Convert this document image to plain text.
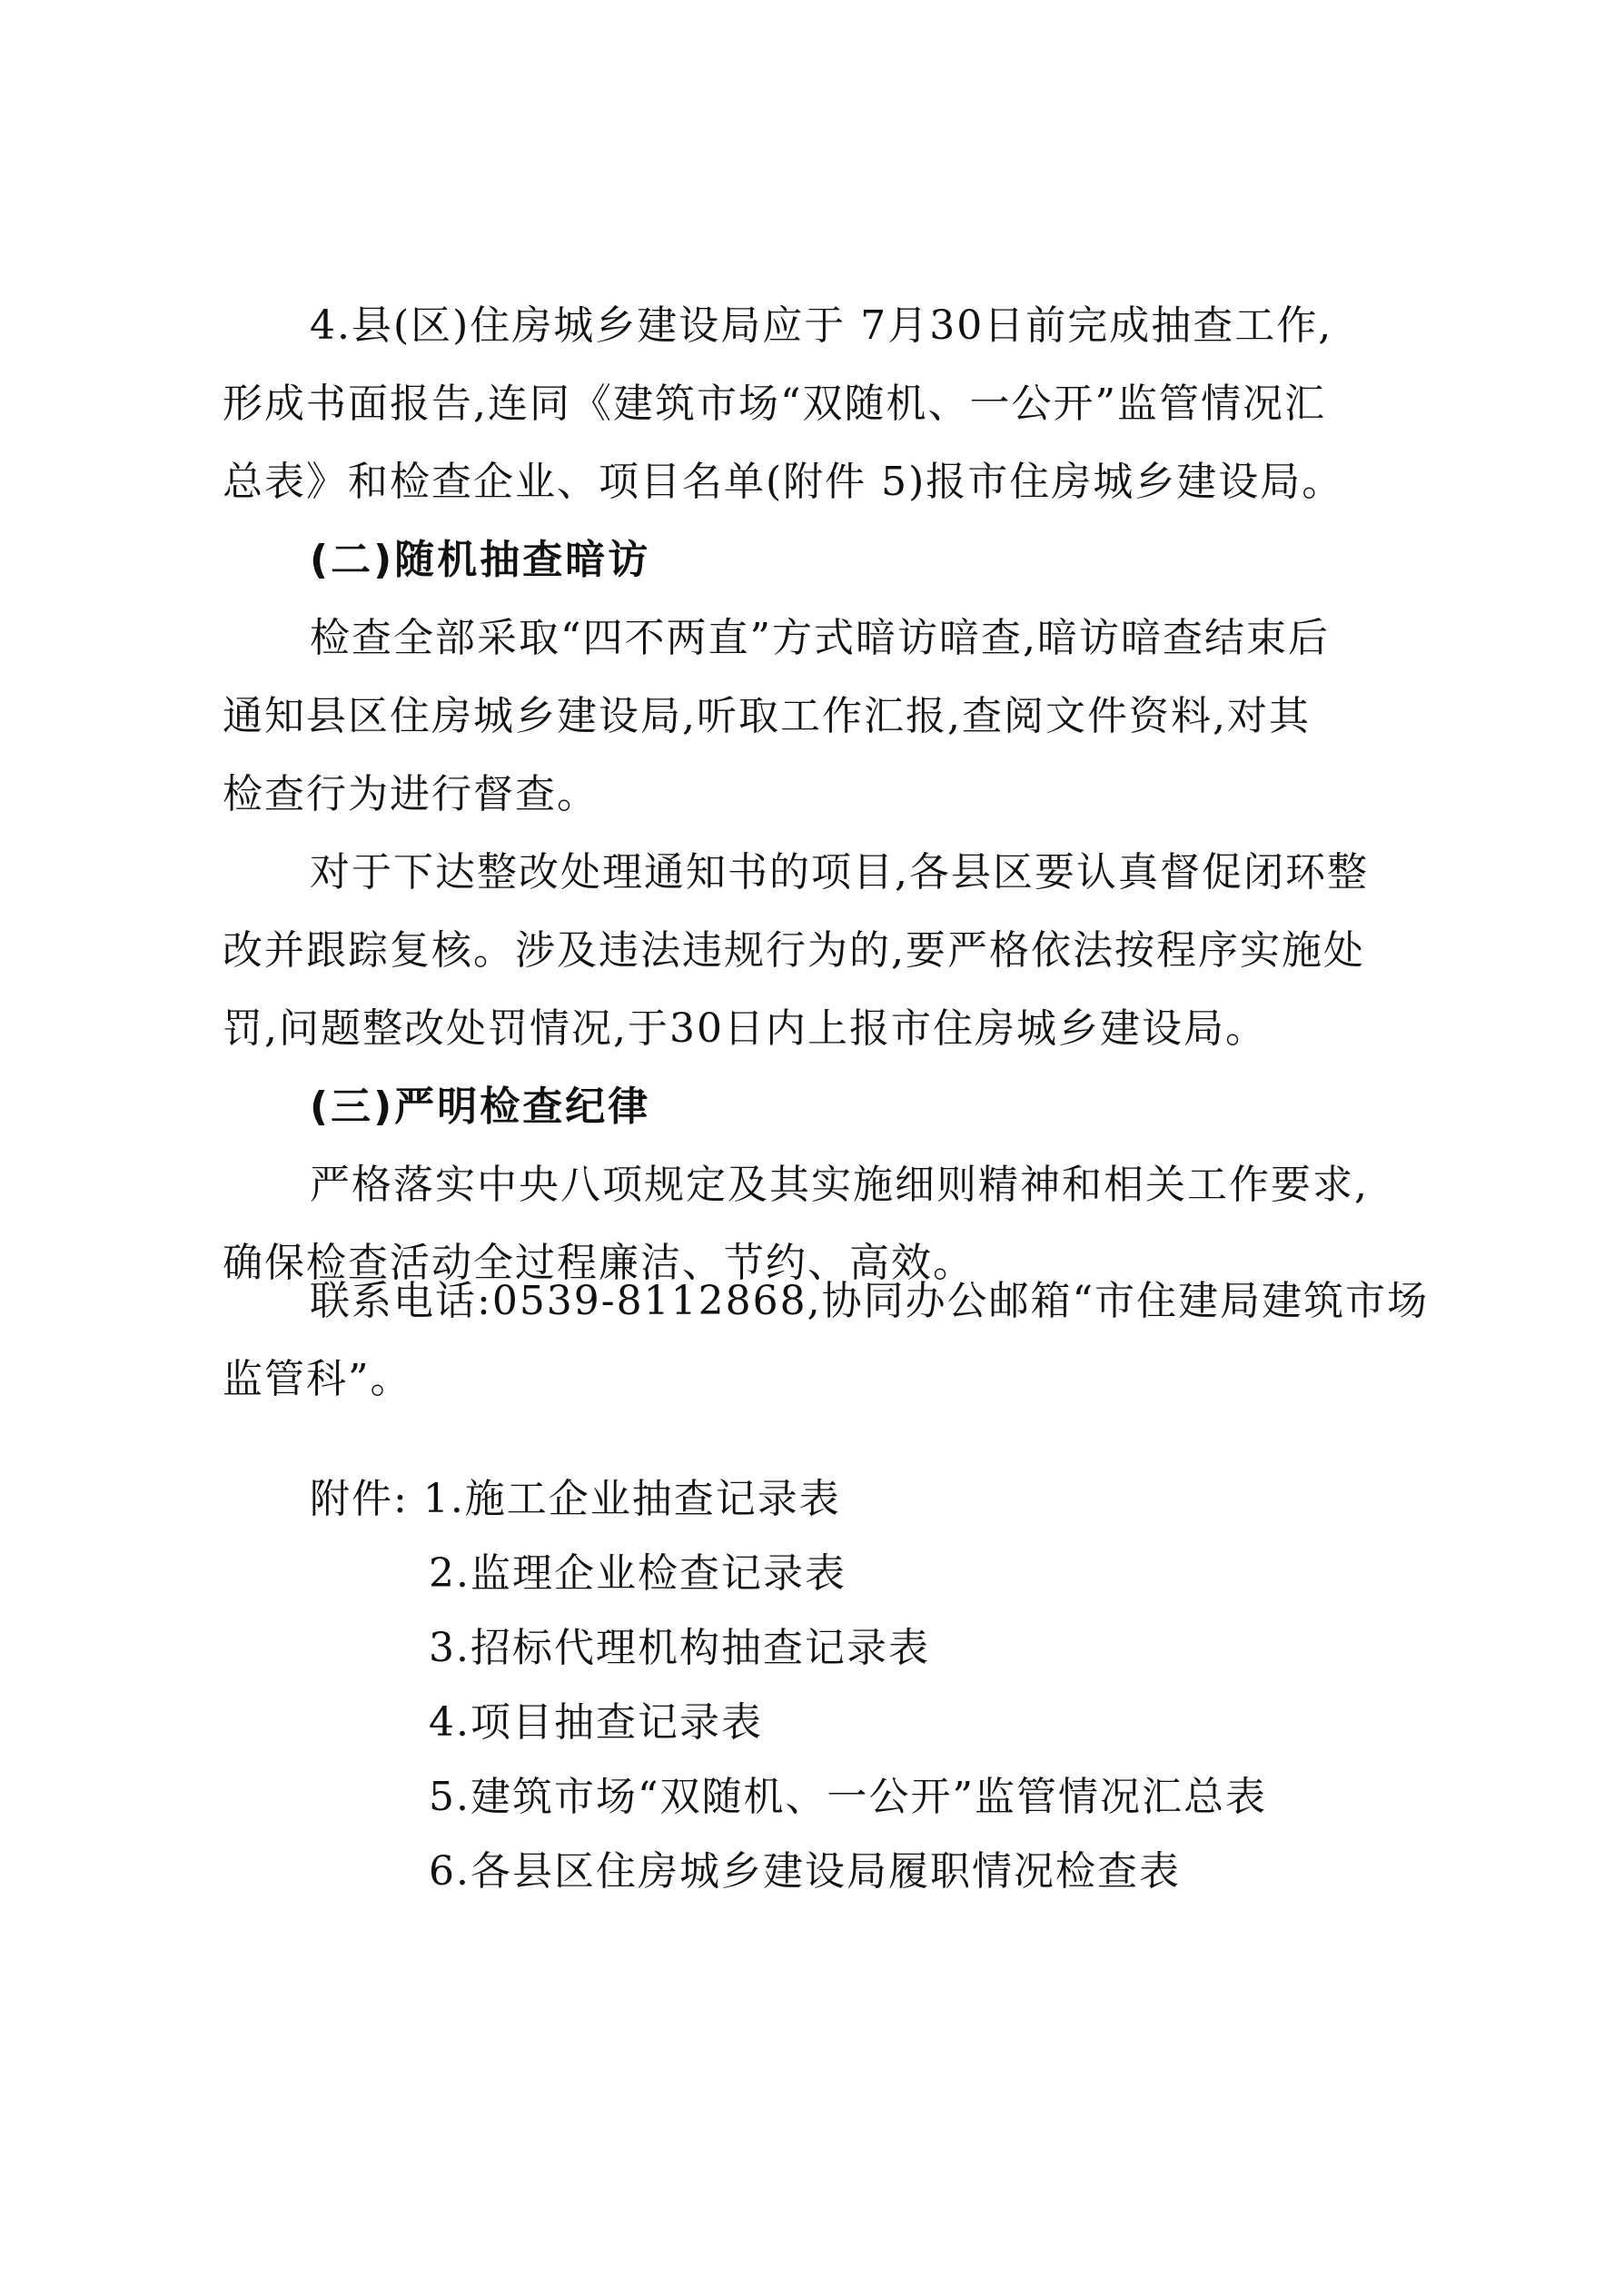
4.县(区)住房城乡建设局应于 7月30日前完成抽查工作,
形成书面报告,连同《建筑市场“双随机、一公开”监管情况汇
总表》和检查企业、项目名单(附件 5)报市住房城乡建设局。
(二)随机抽查暗访
检查全部采取“四不两直”方式暗访暗查,暗访暗查结束后
通知县区住房城乡建设局,听取工作汇报,查阅文件资料,对其
检查行为进行督查。
对于下达整改处理通知书的项目,各县区要认真督促闭环整
改并跟踪复核。涉及违法违规行为的,要严格依法按程序实施处
罚,问题整改处罚情况,于30日内上报市住房城乡建设局。
(三)严明检查纪律
严格落实中央八项规定及其实施细则精神和相关工作要求,
确保检查活动全过程廉洁、节约、高效。
联系电话:0539-8112868,协同办公邮箱“市住建局建筑市场
监管科”。
附件: 1.施工企业抽查记录表
2.监理企业检查记录表
3.招标代理机构抽查记录表
4.项目抽查记录表
5.建筑市场“双随机、一公开”监管情况汇总表
6.各县区住房城乡建设局履职情况检查表
